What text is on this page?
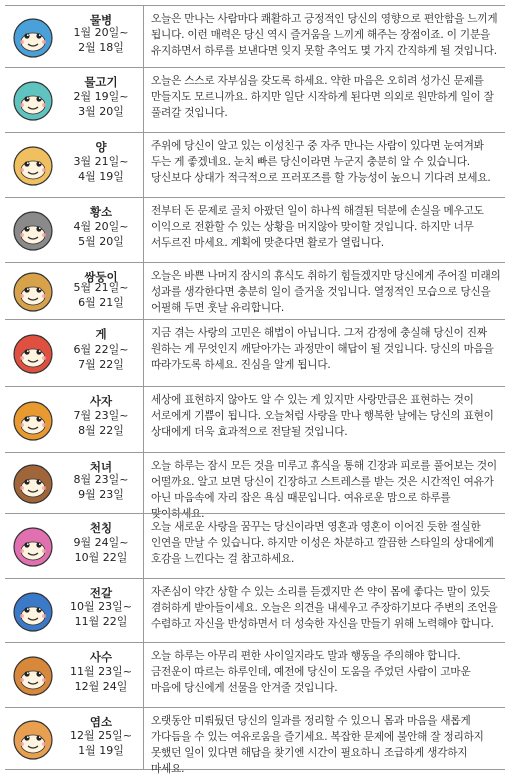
물병
1월 20일~
2월 18일
오늘은 만나는 사람마다 쾌활하고 긍정적인 당신의 영향으로 편안함을 느끼게 됩니다. 이런 매력은 당신 역시 즐거움을 느끼게 해주는 장점이죠. 이 기분을 유지하면서 하루를 보낸다면 잊지 못할 추억도 몇 가지 간직하게 될 것입니다.
물고기
2월 19일~
3월 20일
오늘은 스스로 자부심을 갖도록 하세요. 약한 마음은 오히려 성가신 문제를 만들지도 모르니까요. 하지만 일단 시작하게 된다면 의외로 원만하게 일이 잘 풀려갈 것입니다.
양
3월 21일~
4월 19일
주위에 당신이 알고 있는 이성친구 중 자주 만나는 사람이 있다면 눈여겨봐 두는 게 좋겠네요. 눈치 빠른 당신이라면 누군지 충분히 알 수 있습니다. 당신보다 상대가 적극적으로 프러포즈를 할 가능성이 높으니 기다려 보세요.
황소
4월 20일~
5월 20일
전부터 돈 문제로 골치 아팠던 일이 하나씩 해결된 덕분에 손실을 메우고도 이익으로 전환할 수 있는 상황을 머지않아 맞이할 것입니다. 하지만 너무 서두르진 마세요. 계획에 맞춘다면 활로가 열립니다.
쌍둥이
5월 21일~
6월 21일
오늘은 바쁜 나머지 잠시의 휴식도 취하기 힘들겠지만 당신에게 주어질 미래의 성과를 생각한다면 충분히 일이 즐거울 것입니다. 열정적인 모습으로 당신을 어필해 두면 훗날 유리합니다.
게
6월 22일~
7월 22일
지금 겪는 사랑의 고민은 해법이 아닙니다. 그저 감정에 충실해 당신이 진짜 원하는 게 무엇인지 깨닫아가는 과정만이 해답이 될 것입니다. 당신의 마음을 따라가도록 하세요. 진심을 알게 됩니다.
사자
7월 23일~
8월 22일
세상에 표현하지 않아도 알 수 있는 게 있지만 사랑만큼은 표현하는 것이 서로에게 기쁨이 됩니다. 오늘처럼 사랑을 만나 행복한 날에는 당신의 표현이 상대에게 더욱 효과적으로 전달될 것입니다.
처녀
8월 23일~
9월 23일
오늘 하루는 잠시 모든 것을 미루고 휴식을 통해 긴장과 피로를 풀어보는 것이 어떨까요. 알고 보면 당신이 긴장하고 스트레스를 받는 것은 시간적인 여유가 아닌 마음속에 자리 잡은 욕심 때문입니다. 여유로운 맘으로 하루를 맞이하세요.
천칭
9월 24일~
10월 22일
오늘 새로운 사랑을 꿈꾸는 당신이라면 영혼과 영혼이 이어진 듯한 절실한 인연을 만날 수 있습니다. 하지만 이성은 차분하고 깔끔한 스타일의 상대에게 호감을 느낀다는 걸 참고하세요.
전갈
10월 23일~
11월 22일
자존심이 약간 상할 수 있는 소리를 듣겠지만 쓴 약이 몸에 좋다는 말이 있듯 겸허하게 받아들이세요. 오늘은 의견을 내세우고 주장하기보다 주변의 조언을 수렴하고 자신을 반성하면서 더 성숙한 자신을 만들기 위해 노력해야 합니다.
사수
11월 23일~
12월 24일
오늘 하루는 아무리 편한 사이일지라도 말과 행동을 주의해야 합니다. 금전운이 따르는 하루인데, 예전에 당신이 도움을 주었던 사람이 고마운 마음에 당신에게 선물을 안겨줄 것입니다.
염소
12월 25일~
1월 19일
오랫동안 미뤄뒀던 당신의 일과를 정리할 수 있으니 몸과 마음을 새롭게 가다듬을 수 있는 여유로움을 즐기세요. 복잡한 문제에 불안해 잘 정리하지 못했던 일이 있다면 해답을 찾기엔 시간이 필요하니 조급하게 생각하지 마세요.
